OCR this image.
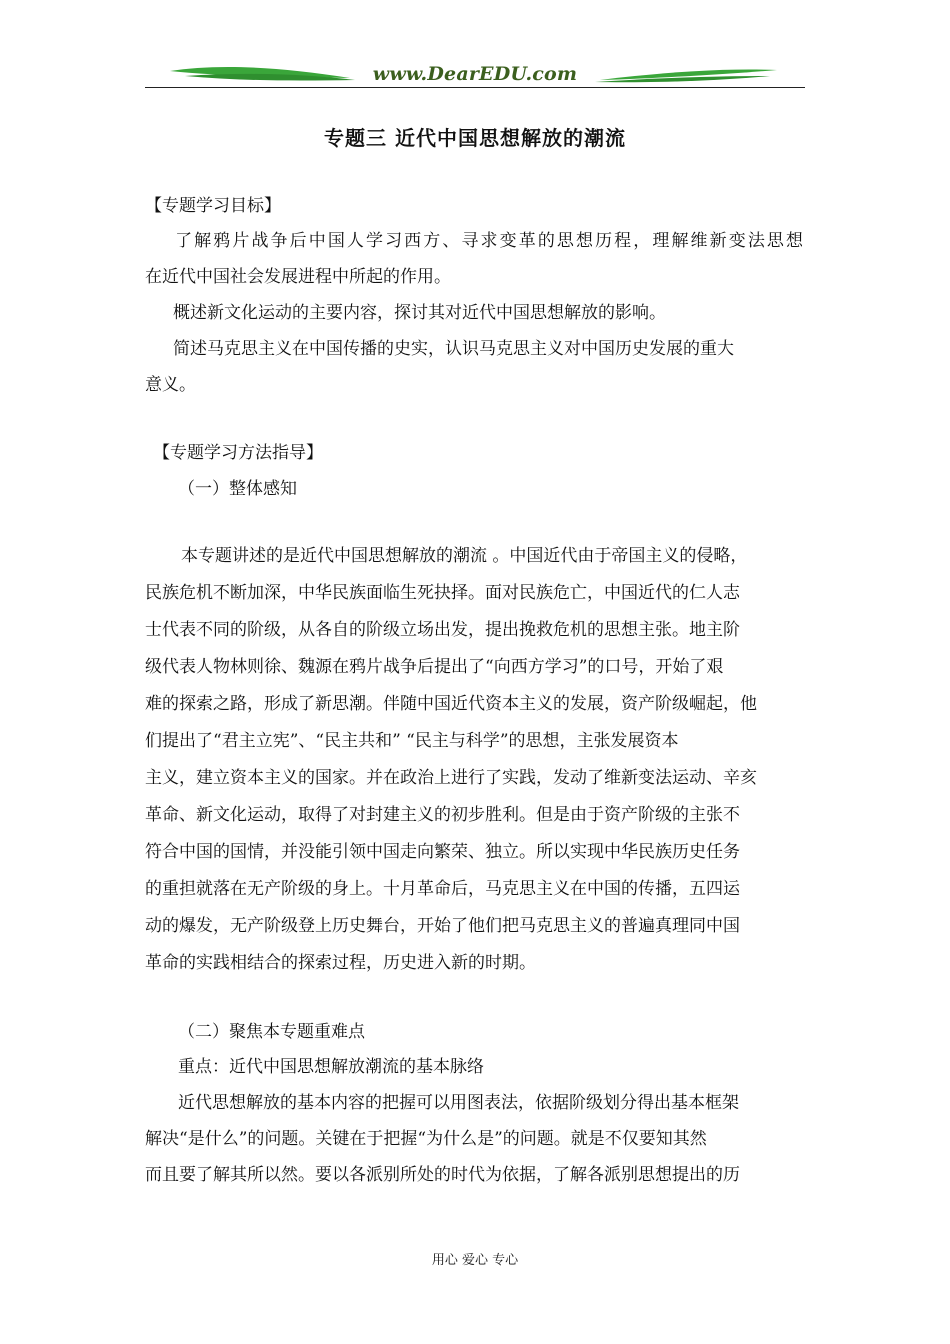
www.DearEDU.com
专题三 近代中国思想解放的潮流
【专题学习目标】
了解鸦片战争后中国人学习西方、寻求变革的思想历程，理解维新变法思想
在近代中国社会发展进程中所起的作用。
概述新文化运动的主要内容，探讨其对近代中国思想解放的影响。
简述马克思主义在中国传播的史实，认识马克思主义对中国历史发展的重大
意义。
【专题学习方法指导】
（一）整体感知
本专题讲述的是近代中国思想解放的潮流 。中国近代由于帝国主义的侵略，
民族危机不断加深，中华民族面临生死抉择。面对民族危亡，中国近代的仁人志
士代表不同的阶级，从各自的阶级立场出发，提出挽救危机的思想主张。地主阶
级代表人物林则徐、魏源在鸦片战争后提出了“向西方学习”的口号，开始了艰
难的探索之路，形成了新思潮。伴随中国近代资本主义的发展，资产阶级崛起，他
们提出了“君主立宪”、“民主共和” “民主与科学”的思想，主张发展资本
主义，建立资本主义的国家。并在政治上进行了实践，发动了维新变法运动、辛亥
革命、新文化运动，取得了对封建主义的初步胜利。但是由于资产阶级的主张不
符合中国的国情，并没能引领中国走向繁荣、独立。所以实现中华民族历史任务
的重担就落在无产阶级的身上。十月革命后，马克思主义在中国的传播，五四运
动的爆发，无产阶级登上历史舞台，开始了他们把马克思主义的普遍真理同中国
革命的实践相结合的探索过程，历史进入新的时期。
（二）聚焦本专题重难点
重点：近代中国思想解放潮流的基本脉络
近代思想解放的基本内容的把握可以用图表法，依据阶级划分得出基本框架
解决“是什么”的问题。关键在于把握“为什么是”的问题。就是不仅要知其然
而且要了解其所以然。要以各派别所处的时代为依据，了解各派别思想提出的历
用心 爱心 专心
